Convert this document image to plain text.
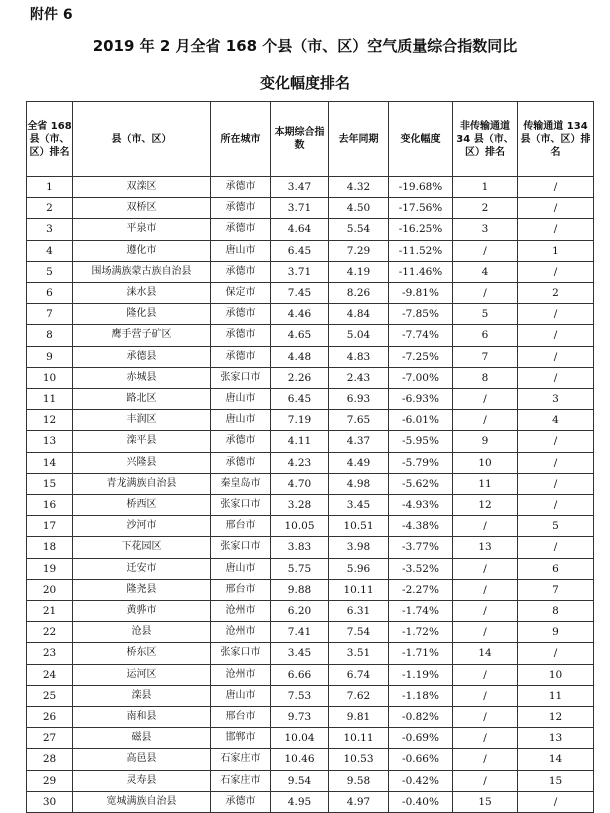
附件 6
2019 年 2 月全省 168 个县（市、区）空气质量综合指数同比
变化幅度排名
全省 168 县（市、区）排名	县（市、区）	所在城市	本期综合指数	去年同期	变化幅度	非传输通道 34 县（市、区）排名	传输通道 134 县（市、区）排名
1	双滦区	承德市	3.47	4.32	-19.68%	1	/
2	双桥区	承德市	3.71	4.50	-17.56%	2	/
3	平泉市	承德市	4.64	5.54	-16.25%	3	/
4	遵化市	唐山市	6.45	7.29	-11.52%	/	1
5	围场满族蒙古族自治县	承德市	3.71	4.19	-11.46%	4	/
6	涞水县	保定市	7.45	8.26	-9.81%	/	2
7	隆化县	承德市	4.46	4.84	-7.85%	5	/
8	鹰手营子矿区	承德市	4.65	5.04	-7.74%	6	/
9	承德县	承德市	4.48	4.83	-7.25%	7	/
10	赤城县	张家口市	2.26	2.43	-7.00%	8	/
11	路北区	唐山市	6.45	6.93	-6.93%	/	3
12	丰润区	唐山市	7.19	7.65	-6.01%	/	4
13	滦平县	承德市	4.11	4.37	-5.95%	9	/
14	兴隆县	承德市	4.23	4.49	-5.79%	10	/
15	青龙满族自治县	秦皇岛市	4.70	4.98	-5.62%	11	/
16	桥西区	张家口市	3.28	3.45	-4.93%	12	/
17	沙河市	邢台市	10.05	10.51	-4.38%	/	5
18	下花园区	张家口市	3.83	3.98	-3.77%	13	/
19	迁安市	唐山市	5.75	5.96	-3.52%	/	6
20	隆尧县	邢台市	9.88	10.11	-2.27%	/	7
21	黄骅市	沧州市	6.20	6.31	-1.74%	/	8
22	沧县	沧州市	7.41	7.54	-1.72%	/	9
23	桥东区	张家口市	3.45	3.51	-1.71%	14	/
24	运河区	沧州市	6.66	6.74	-1.19%	/	10
25	滦县	唐山市	7.53	7.62	-1.18%	/	11
26	南和县	邢台市	9.73	9.81	-0.82%	/	12
27	磁县	邯郸市	10.04	10.11	-0.69%	/	13
28	高邑县	石家庄市	10.46	10.53	-0.66%	/	14
29	灵寿县	石家庄市	9.54	9.58	-0.42%	/	15
30	宽城满族自治县	承德市	4.95	4.97	-0.40%	15	/
